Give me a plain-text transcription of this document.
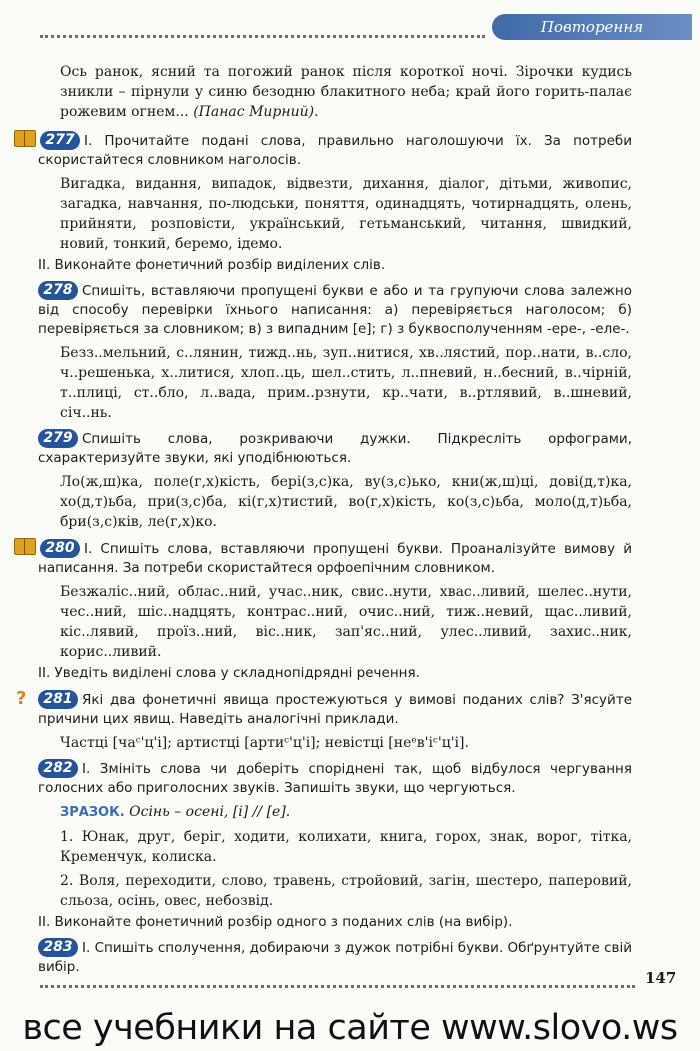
Повторення

Ось ранок, ясний та погожий ранок після короткої ночі. Зірочки кудись зникли – пірнули у синю безодню блакитного неба; край його горить-палає рожевим огнем... (Панас Мирний).

277 І. Прочитайте подані слова, правильно наголошуючи їх. За потреби скористайтеся словником наголосів.

Вигадка, видання, випадок, відвезти, дихання, діалог, дітьми, живопис, загадка, навчання, по-людськи, поняття, одинадцять, чотирнадцять, олень, прийняти, розповісти, український, гетьманський, читання, швидкий, новий, тонкий, беремо, ідемо.

ІІ. Виконайте фонетичний розбір виділених слів.

278 Спишіть, вставляючи пропущені букви е або и та групуючи слова залежно від способу перевірки їхнього написання: а) перевіряється наголосом; б) перевіряється за словником; в) з випадним [е]; г) з буквосполученням -ере-, -еле-.

Безз..мельний, с..лянин, тижд..нь, зуп..нитися, хв..лястий, пор..нати, в..сло, ч..решенька, х..литися, хлоп..ць, шел..стить, л..пневий, н..бесний, в..чірній, т..плиці, ст..бло, л..вада, прим..рзнути, кр..чати, в..ртлявий, в..шневий, січ..нь.

279 Спишіть слова, розкриваючи дужки. Підкресліть орфограми, схарактеризуйте звуки, які уподібнюються.

Ло(ж,ш)ка, поле(г,х)кість, бері(з,с)ка, ву(з,с)ько, кни(ж,ш)ці, дові(д,т)ка, хо(д,т)ьба, при(з,с)ба, кі(г,х)тистий, во(г,х)кість, ко(з,с)ьба, моло(д,т)ьба, бри(з,с)ків, ле(г,х)ко.

280 І. Спишіть слова, вставляючи пропущені букви. Проаналізуйте вимову й написання. За потреби скористайтеся орфоепічним словником.

Безжаліс..ний, облас..ний, учас..ник, свис..нути, хвас..ливий, шелес..нути, чес..ний, шіс..надцять, контрас..ний, очис..ний, тиж..невий, щас..ливий, кіс..лявий, проїз..ний, віс..ник, зап'яс..ний, улес..ливий, захис..ник, корис..ливий.

ІІ. Уведіть виділені слова у складнопідрядні речення.

? 281 Які два фонетичні явища простежуються у вимові поданих слів? З'ясуйте причини цих явищ. Наведіть аналогічні приклади.

Частці [чаᶜ'ц'і]; артистці [артиᶜ'ц'і]; невістці [неᵉв'іᶜ'ц'і].

282 І. Змініть слова чи доберіть споріднені так, щоб відбулося чергування голосних або приголосних звуків. Запишіть звуки, що чергуються.

ЗРАЗОК. Осінь – осені, [і] // [е].

1. Юнак, друг, беріг, ходити, колихати, книга, горох, знак, ворог, тітка, Кременчук, колиска.

2. Воля, переходити, слово, травень, стройовий, загін, шестеро, паперовий, сльоза, осінь, овес, небозвід.

ІІ. Виконайте фонетичний розбір одного з поданих слів (на вибір).

283 І. Спишіть сполучення, добираючи з дужок потрібні букви. Обґрунтуйте свій вибір.

147
все учебники на сайте www.slovo.ws
